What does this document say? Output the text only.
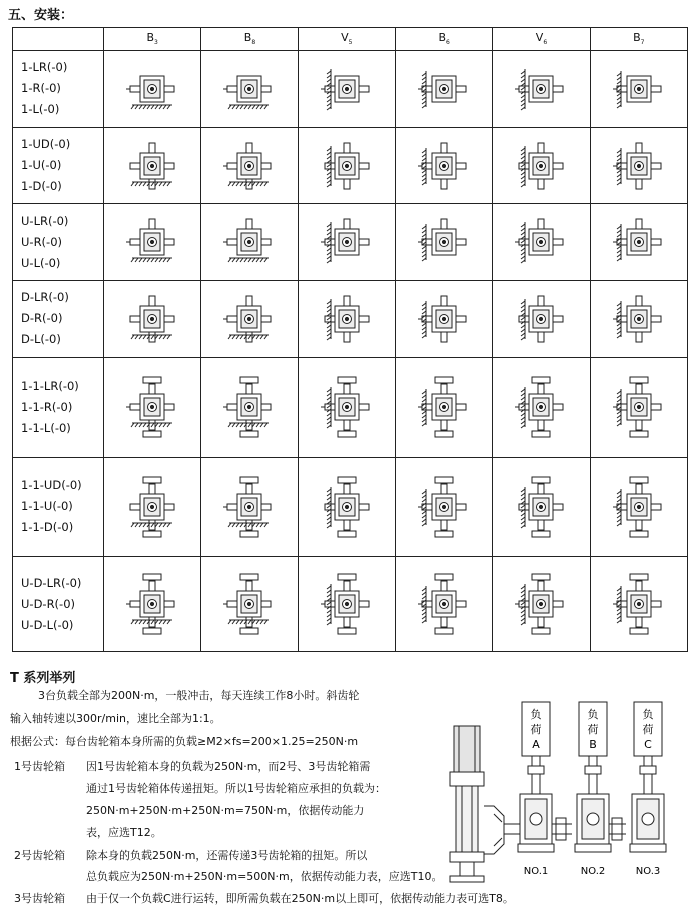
五、安装：
	$B_3$	$B_8$	$V_5$	$B_6$	$V_6$	$B_7$

1-LR(-0)
1-R(-0)
1-L(-0)

1-UD(-0)
1-U(-0)
1-D(-0)

U-LR(-0)
U-R(-0)
U-L(-0)

D-LR(-0)
D-R(-0)
D-L(-0)

1-1-LR(-0)
1-1-R(-0)
1-1-L(-0)

1-1-UD(-0)
1-1-U(-0)
1-1-D(-0)

U-D-LR(-0)
U-D-R(-0)
U-D-L(-0)

T 系列举列
3台负载全部为200N·m，一般冲击，每天连续工作8小时。斜齿轮
输入轴转速以300r/min，速比全部为1:1。
根据公式：每台齿轮箱本身所需的负载≥M2×fs=200×1.25=250N·m
1号齿轮箱 因1号齿轮箱本身的负载为250N·m，而2号、3号齿轮箱需
通过1号齿轮箱体传递扭矩。所以1号齿轮箱应承担的负载为：
250N·m+250N·m+250N·m=750N·m，依据传动能力
表，应选T12。
2号齿轮箱 除本身的负载250N·m，还需传递3号齿轮箱的扭矩。所以
总负载应为250N·m+250N·m=500N·m，依据传动能力表，应选T10。
3号齿轮箱 由于仅一个负载C进行运转，即所需负载在250N·m以上即可，依据传动能力表可选T8。
负
荷
A
负
荷
B
负
荷
C
NO.1	NO.2	NO.3
